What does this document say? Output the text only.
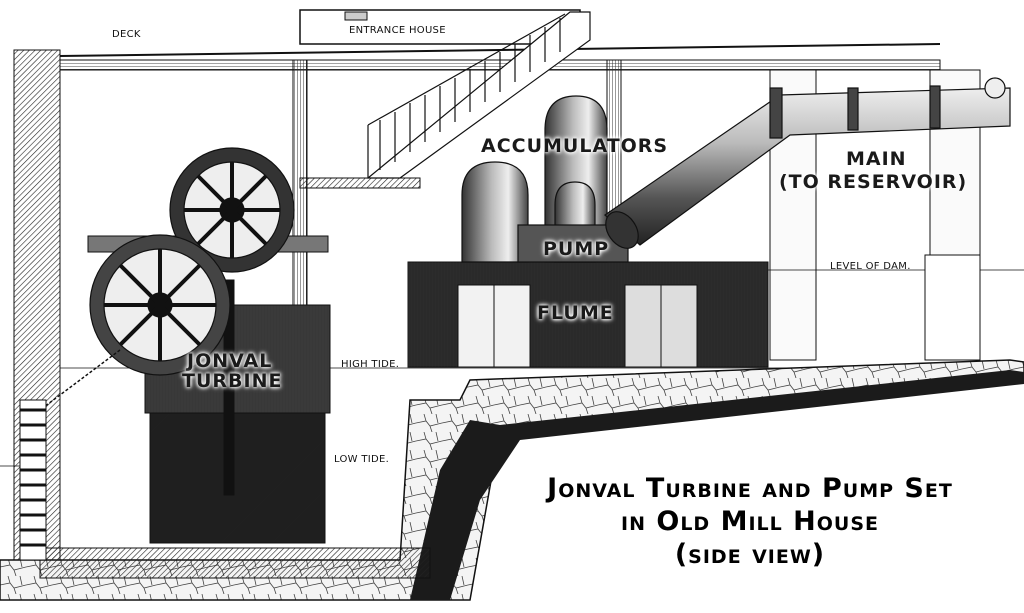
DECK	ENTRANCE HOUSE
ACCUMULATORS
MAIN
(TO RESERVOIR)
PUMP
FLUME
JONVAL
TURBINE
HIGH TIDE.
LOW TIDE.
LEVEL OF DAM.
Jonval Turbine and Pump Set
in Old Mill House
(side view)
